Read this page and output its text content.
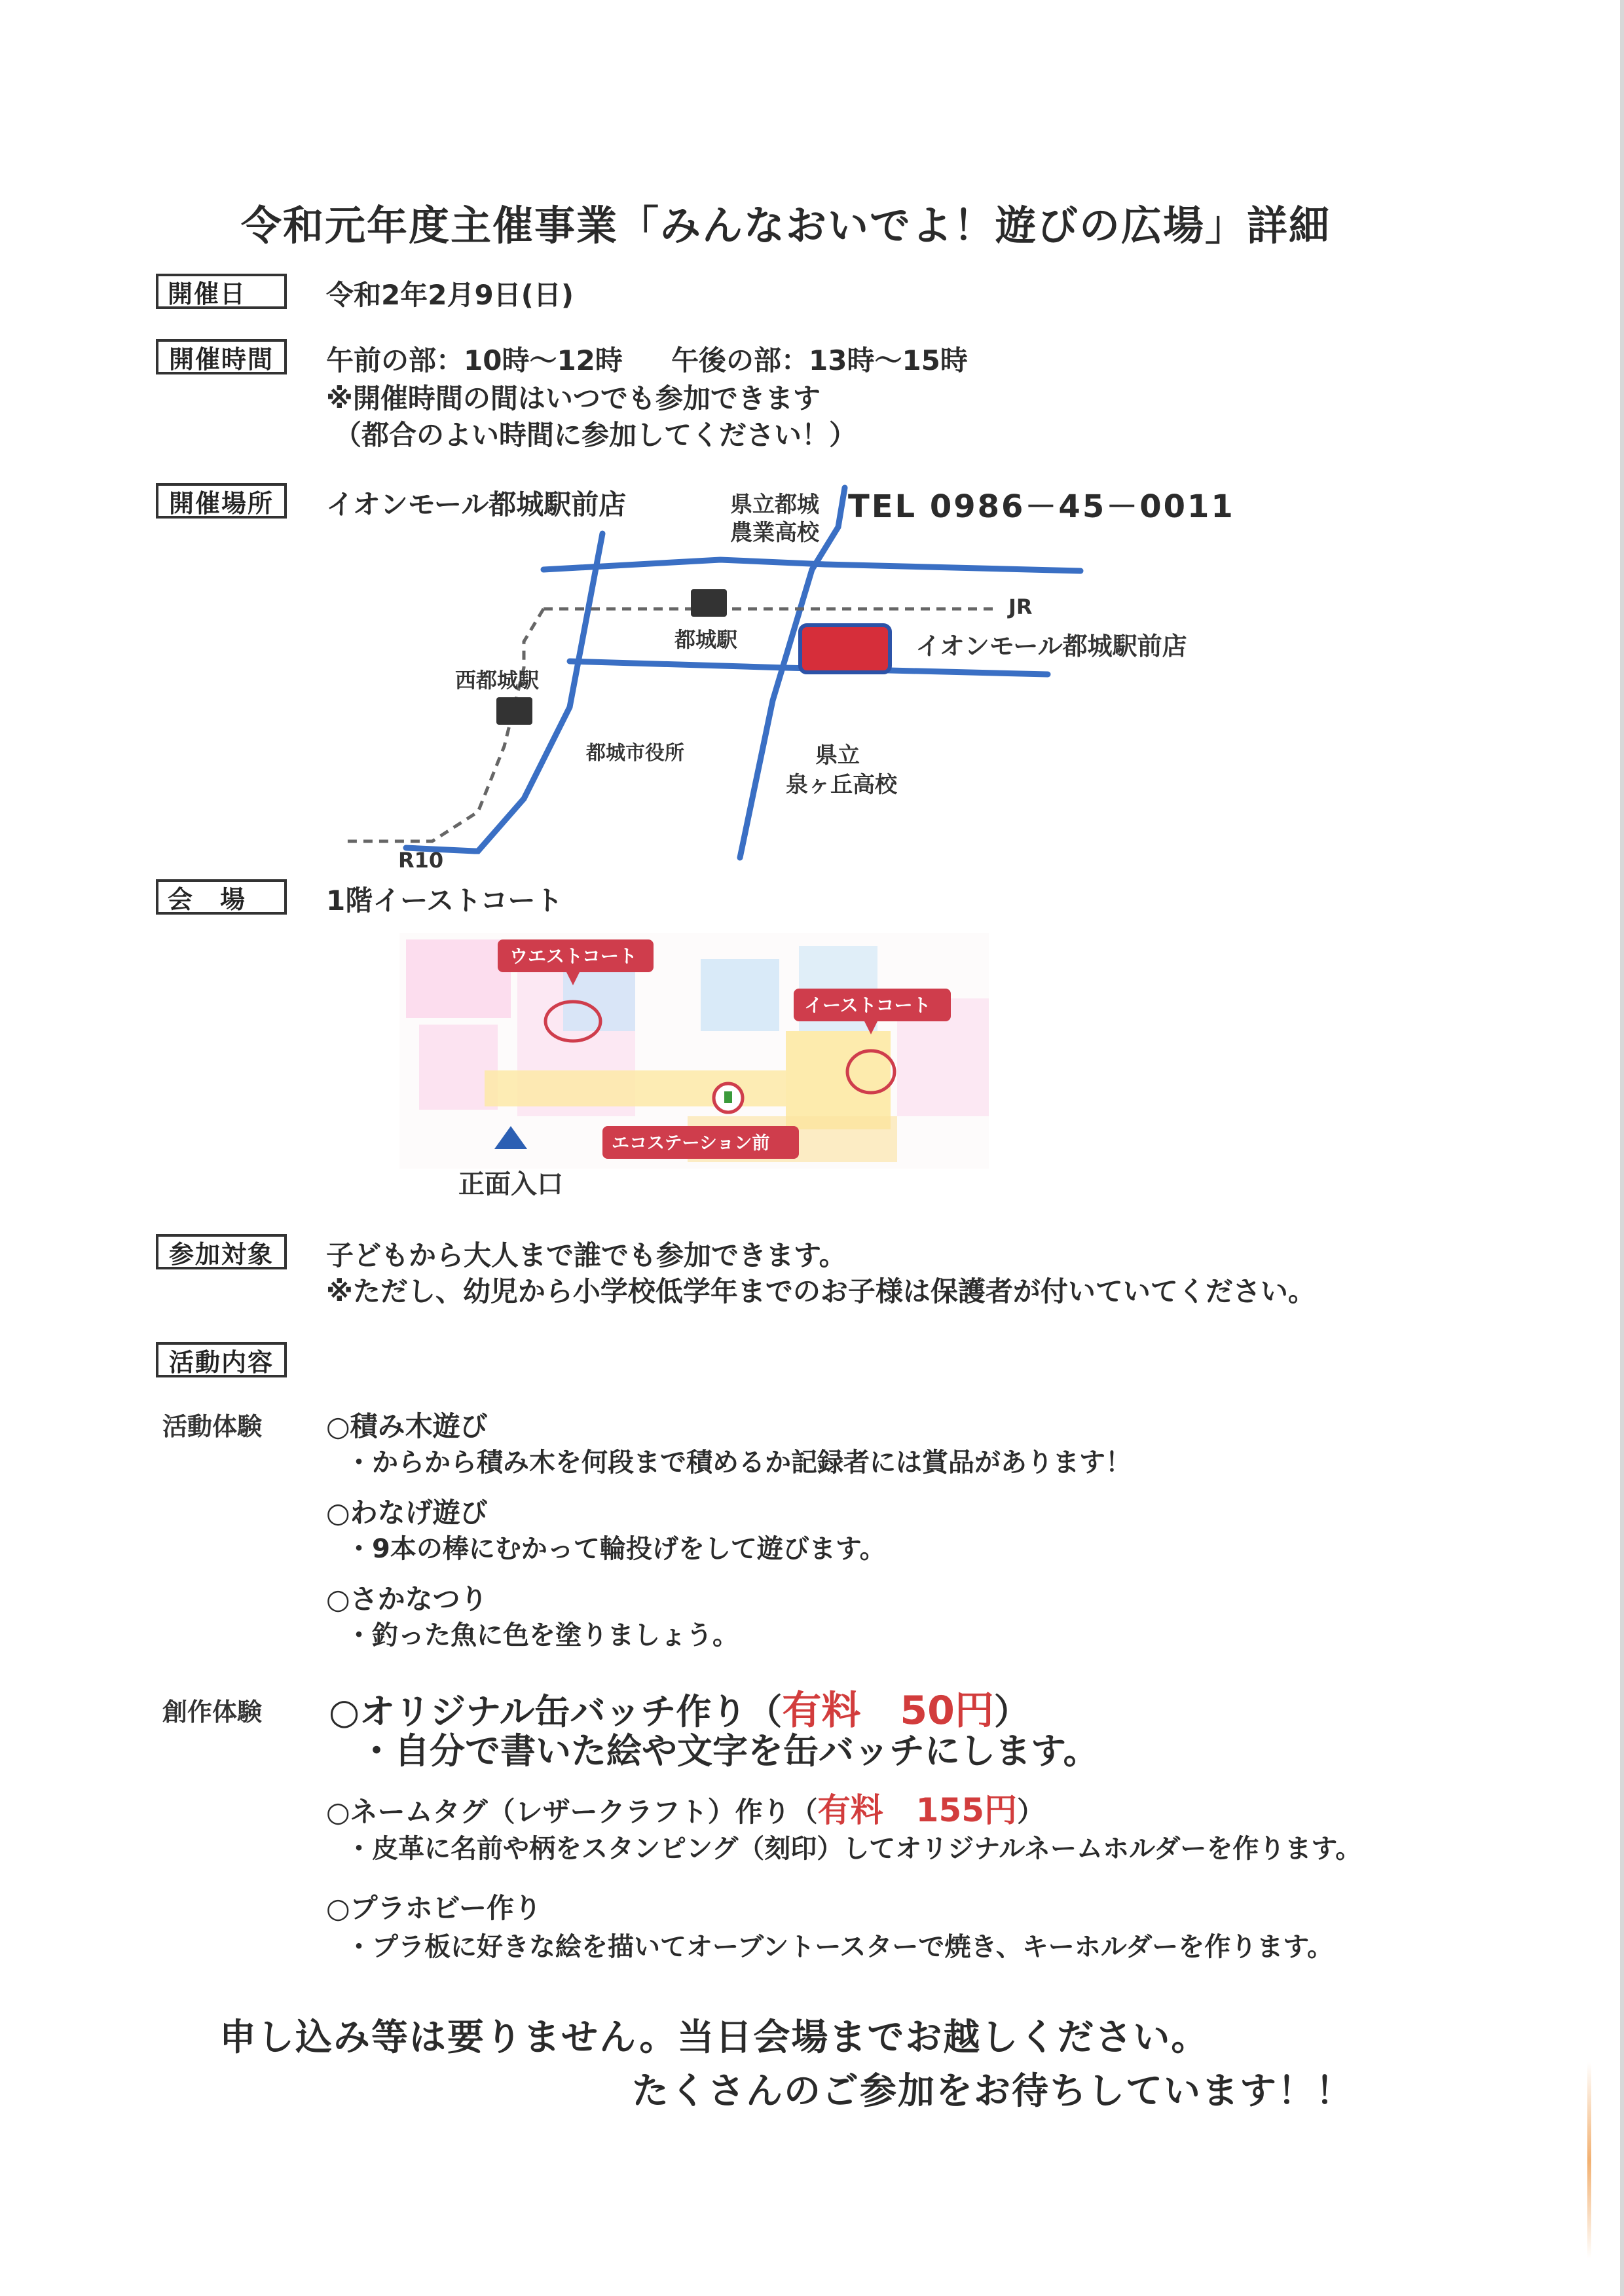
令和元年度主催事業「みんなおいでよ！遊びの広場」詳細
開催日	令和2年2月9日(日)
開催時間	午前の部：10時〜12時 午後の部：13時〜15時
※開催時間の間はいつでも参加できます
（都合のよい時間に参加してください！）
開催場所	イオンモール都城駅前店	TEL 0986－45－0011
県立都城
農業高校
JR
都城駅	イオンモール都城駅前店
西都城駅
都城市役所	県立
泉ヶ丘高校
R10
会　場	1階イーストコート
ウエストコート
イーストコート
エコステーション前
正面入口
参加対象	子どもから大人まで誰でも参加できます。
※ただし、幼児から小学校低学年までのお子様は保護者が付いていてください。
活動内容
活動体験 ○積み木遊び
・からから積み木を何段まで積めるか記録者には賞品があります！
○わなげ遊び
・9本の棒にむかって輪投げをして遊びます。
○さかなつり
・釣った魚に色を塗りましょう。
創作体験 ○オリジナル缶バッチ作り（有料　50円）
・自分で書いた絵や文字を缶バッチにします。
○ネームタグ（レザークラフト）作り（有料　155円）
・皮革に名前や柄をスタンピング（刻印）してオリジナルネームホルダーを作ります。
○プラホビー作り
・プラ板に好きな絵を描いてオーブントースターで焼き、キーホルダーを作ります。
申し込み等は要りません。当日会場までお越しください。
たくさんのご参加をお待ちしています！！
